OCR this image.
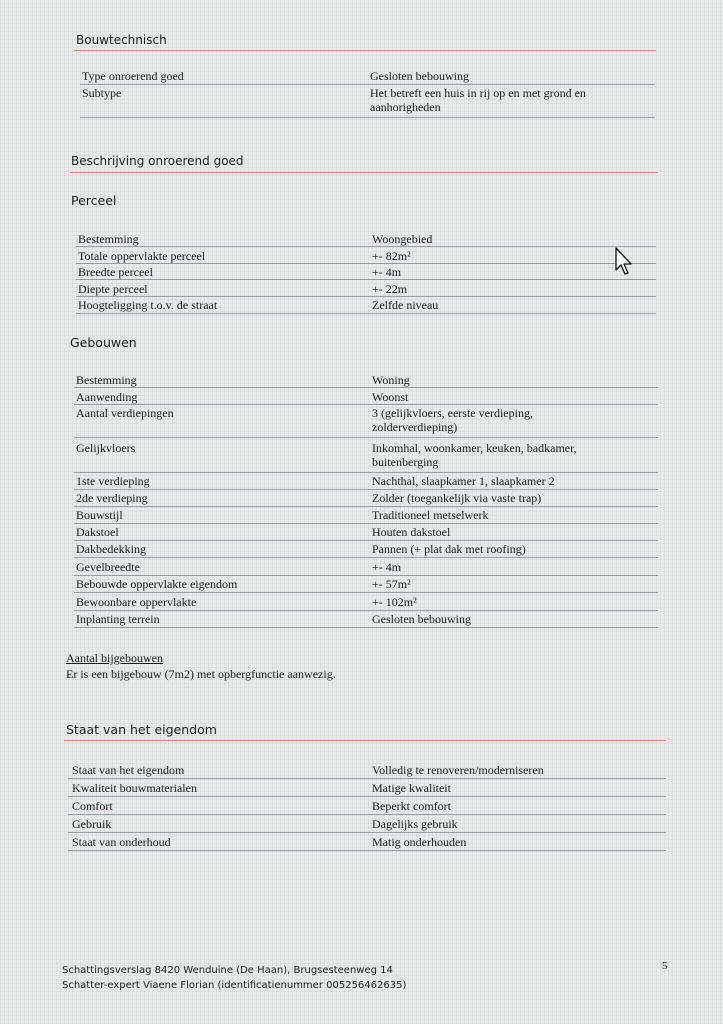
Bouwtechnisch
Type onroerend goed	Gesloten bebouwing
Subtype	Het betreft een huis in rij op en met grond en aanhorigheden
Beschrijving onroerend goed
Perceel
Bestemming	Woongebied
Totale oppervlakte perceel	+- 82m²
Breedte perceel	+- 4m
Diepte perceel	+- 22m
Hoogteligging t.o.v. de straat	Zelfde niveau
Gebouwen
Bestemming	Woning
Aanwending	Woonst
Aantal verdiepingen	3 (gelijkvloers, eerste verdieping, zolderverdieping)
Gelijkvloers	Inkomhal, woonkamer, keuken, badkamer, buitenberging
1ste verdieping	Nachthal, slaapkamer 1, slaapkamer 2
2de verdieping	Zolder (toegankelijk via vaste trap)
Bouwstijl	Traditioneel metselwerk
Dakstoel	Houten dakstoel
Dakbedekking	Pannen (+ plat dak met roofing)
Gevelbreedte	+- 4m
Bebouwde oppervlakte eigendom	+- 57m²
Bewoonbare oppervlakte	+- 102m²
Inplanting terrein	Gesloten bebouwing
Aantal bijgebouwen
Er is een bijgebouw (7m2) met opbergfunctie aanwezig.
Staat van het eigendom
Staat van het eigendom	Volledig te renoveren/moderniseren
Kwaliteit bouwmaterialen	Matige kwaliteit
Comfort	Beperkt comfort
Gebruik	Dagelijks gebruik
Staat van onderhoud	Matig onderhouden
Schattingsverslag 8420 Wenduine (De Haan), Brugsesteenweg 14
Schatter-expert Viaene Florian (identificatienummer 005256462635)
5
